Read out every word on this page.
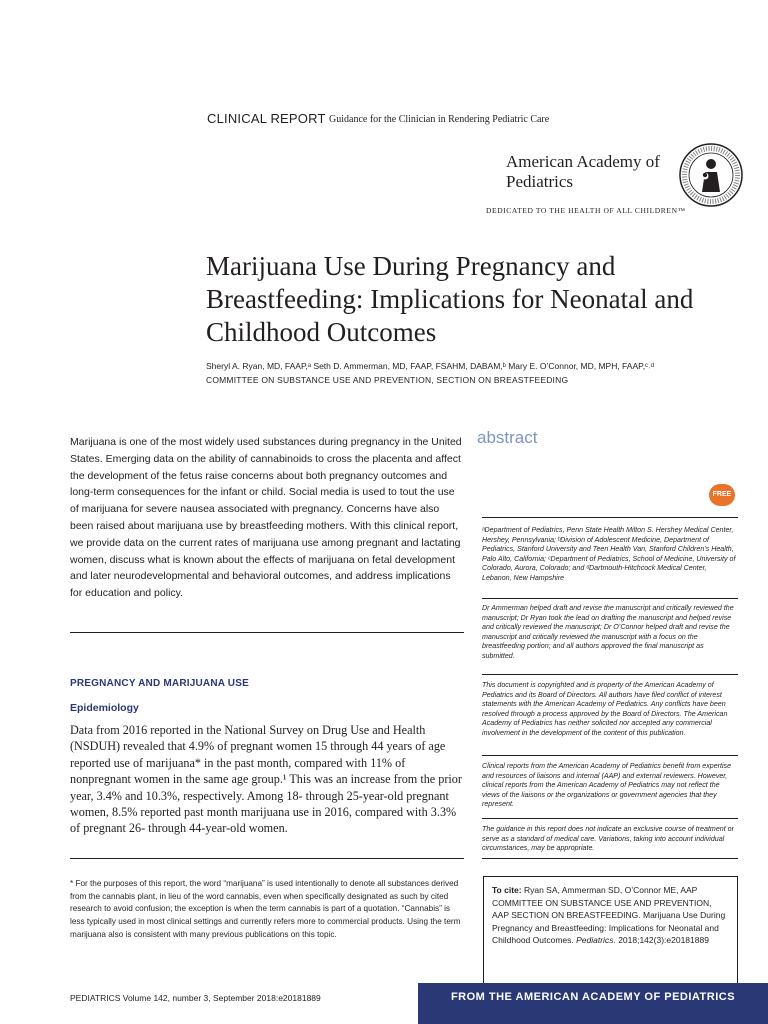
CLINICAL REPORT Guidance for the Clinician in Rendering Pediatric Care
American Academy of Pediatrics
DEDICATED TO THE HEALTH OF ALL CHILDREN™
Marijuana Use During Pregnancy and Breastfeeding: Implications for Neonatal and Childhood Outcomes
Sheryl A. Ryan, MD, FAAP,ᵃ Seth D. Ammerman, MD, FAAP, FSAHM, DABAM,ᵇ Mary E. O’Connor, MD, MPH, FAAP,ᶜ˒ᵈ
COMMITTEE ON SUBSTANCE USE AND PREVENTION, SECTION ON BREASTFEEDING
abstract
Marijuana is one of the most widely used substances during pregnancy in the United States. Emerging data on the ability of cannabinoids to cross the placenta and affect the development of the fetus raise concerns about both pregnancy outcomes and long-term consequences for the infant or child. Social media is used to tout the use of marijuana for severe nausea associated with pregnancy. Concerns have also been raised about marijuana use by breastfeeding mothers. With this clinical report, we provide data on the current rates of marijuana use among pregnant and lactating women, discuss what is known about the effects of marijuana on fetal development and later neurodevelopmental and behavioral outcomes, and address implications for education and policy.
FREE
PREGNANCY AND MARIJUANA USE
Epidemiology
Data from 2016 reported in the National Survey on Drug Use and Health (NSDUH) revealed that 4.9% of pregnant women 15 through 44 years of age reported use of marijuana* in the past month, compared with 11% of nonpregnant women in the same age group.¹ This was an increase from the prior year, 3.4% and 10.3%, respectively. Among 18- through 25-year-old pregnant women, 8.5% reported past month marijuana use in 2016, compared with 3.3% of pregnant 26- through 44-year-old women.
* For the purposes of this report, the word “marijuana” is used intentionally to denote all substances derived from the cannabis plant, in lieu of the word cannabis, even when specifically designated as such by cited research to avoid confusion; the exception is when the term cannabis is part of a quotation. “Cannabis” is less typically used in most clinical settings and currently refers more to commercial products. Using the term marijuana also is consistent with many previous publications on this topic.
ᵃDepartment of Pediatrics, Penn State Health Milton S. Hershey Medical Center, Hershey, Pennsylvania; ᵇDivision of Adolescent Medicine, Department of Pediatrics, Stanford University and Teen Health Van, Stanford Children’s Health, Palo Alto, California; ᶜDepartment of Pediatrics, School of Medicine, University of Colorado, Aurora, Colorado; and ᵈDartmouth-Hitchcock Medical Center, Lebanon, New Hampshire
Dr Ammerman helped draft and revise the manuscript and critically reviewed the manuscript; Dr Ryan took the lead on drafting the manuscript and helped revise and critically reviewed the manuscript; Dr O’Connor helped draft and revise the manuscript and critically reviewed the manuscript with a focus on the breastfeeding portion; and all authors approved the final manuscript as submitted.
This document is copyrighted and is property of the American Academy of Pediatrics and its Board of Directors. All authors have filed conflict of interest statements with the American Academy of Pediatrics. Any conflicts have been resolved through a process approved by the Board of Directors. The American Academy of Pediatrics has neither solicited nor accepted any commercial involvement in the development of the content of this publication.
Clinical reports from the American Academy of Pediatrics benefit from expertise and resources of liaisons and internal (AAP) and external reviewers. However, clinical reports from the American Academy of Pediatrics may not reflect the views of the liaisons or the organizations or government agencies that they represent.
The guidance in this report does not indicate an exclusive course of treatment or serve as a standard of medical care. Variations, taking into account individual circumstances, may be appropriate.
To cite: Ryan SA, Ammerman SD, O’Connor ME, AAP COMMITTEE ON SUBSTANCE USE AND PREVENTION, AAP SECTION ON BREASTFEEDING. Marijuana Use During Pregnancy and Breastfeeding: Implications for Neonatal and Childhood Outcomes. Pediatrics. 2018;142(3):e20181889
PEDIATRICS Volume 142, number 3, September 2018:e20181889	FROM THE AMERICAN ACADEMY OF PEDIATRICS
